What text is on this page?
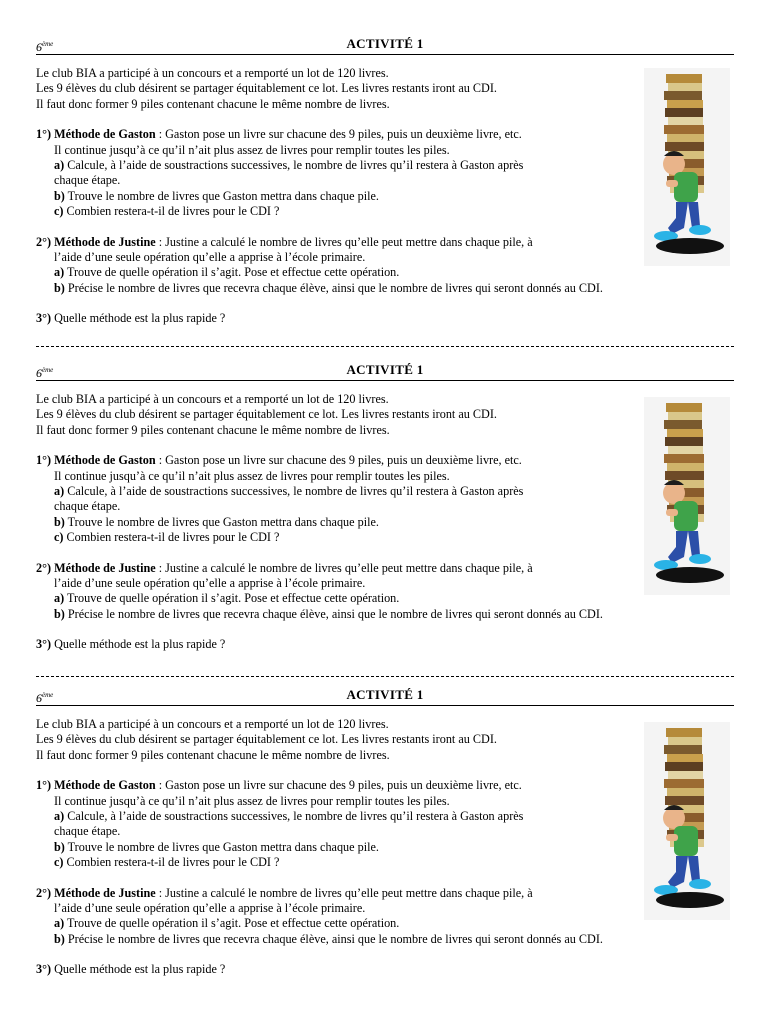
6ème	ACTIVITÉ 1
Le club BIA a participé à un concours et a remporté un lot de 120 livres.
Les 9 élèves du club désirent se partager équitablement ce lot. Les livres restants iront au CDI.
Il faut donc former 9 piles contenant chacune le même nombre de livres.
1°) Méthode de Gaston : Gaston pose un livre sur chacune des 9 piles, puis un deuxième livre, etc.
Il continue jusqu’à ce qu’il n’ait plus assez de livres pour remplir toutes les piles.
a) Calcule, à l’aide de soustractions successives, le nombre de livres qu’il restera à Gaston après
chaque étape.
b) Trouve le nombre de livres que Gaston mettra dans chaque pile.
c) Combien restera-t-il de livres pour le CDI ?
2°) Méthode de Justine : Justine a calculé le nombre de livres qu’elle peut mettre dans chaque pile, à
l’aide d’une seule opération qu’elle a apprise à l’école primaire.
a) Trouve de quelle opération il s’agit. Pose et effectue cette opération.
b) Précise le nombre de livres que recevra chaque élève, ainsi que le nombre de livres qui seront donnés au CDI.
3°) Quelle méthode est la plus rapide ?
6ème	ACTIVITÉ 1
Le club BIA a participé à un concours et a remporté un lot de 120 livres.
Les 9 élèves du club désirent se partager équitablement ce lot. Les livres restants iront au CDI.
Il faut donc former 9 piles contenant chacune le même nombre de livres.
1°) Méthode de Gaston : Gaston pose un livre sur chacune des 9 piles, puis un deuxième livre, etc.
Il continue jusqu’à ce qu’il n’ait plus assez de livres pour remplir toutes les piles.
a) Calcule, à l’aide de soustractions successives, le nombre de livres qu’il restera à Gaston après
chaque étape.
b) Trouve le nombre de livres que Gaston mettra dans chaque pile.
c) Combien restera-t-il de livres pour le CDI ?
2°) Méthode de Justine : Justine a calculé le nombre de livres qu’elle peut mettre dans chaque pile, à
l’aide d’une seule opération qu’elle a apprise à l’école primaire.
a) Trouve de quelle opération il s’agit. Pose et effectue cette opération.
b) Précise le nombre de livres que recevra chaque élève, ainsi que le nombre de livres qui seront donnés au CDI.
3°) Quelle méthode est la plus rapide ?
6ème	ACTIVITÉ 1
Le club BIA a participé à un concours et a remporté un lot de 120 livres.
Les 9 élèves du club désirent se partager équitablement ce lot. Les livres restants iront au CDI.
Il faut donc former 9 piles contenant chacune le même nombre de livres.
1°) Méthode de Gaston : Gaston pose un livre sur chacune des 9 piles, puis un deuxième livre, etc.
Il continue jusqu’à ce qu’il n’ait plus assez de livres pour remplir toutes les piles.
a) Calcule, à l’aide de soustractions successives, le nombre de livres qu’il restera à Gaston après
chaque étape.
b) Trouve le nombre de livres que Gaston mettra dans chaque pile.
c) Combien restera-t-il de livres pour le CDI ?
2°) Méthode de Justine : Justine a calculé le nombre de livres qu’elle peut mettre dans chaque pile, à
l’aide d’une seule opération qu’elle a apprise à l’école primaire.
a) Trouve de quelle opération il s’agit. Pose et effectue cette opération.
b) Précise le nombre de livres que recevra chaque élève, ainsi que le nombre de livres qui seront donnés au CDI.
3°) Quelle méthode est la plus rapide ?
